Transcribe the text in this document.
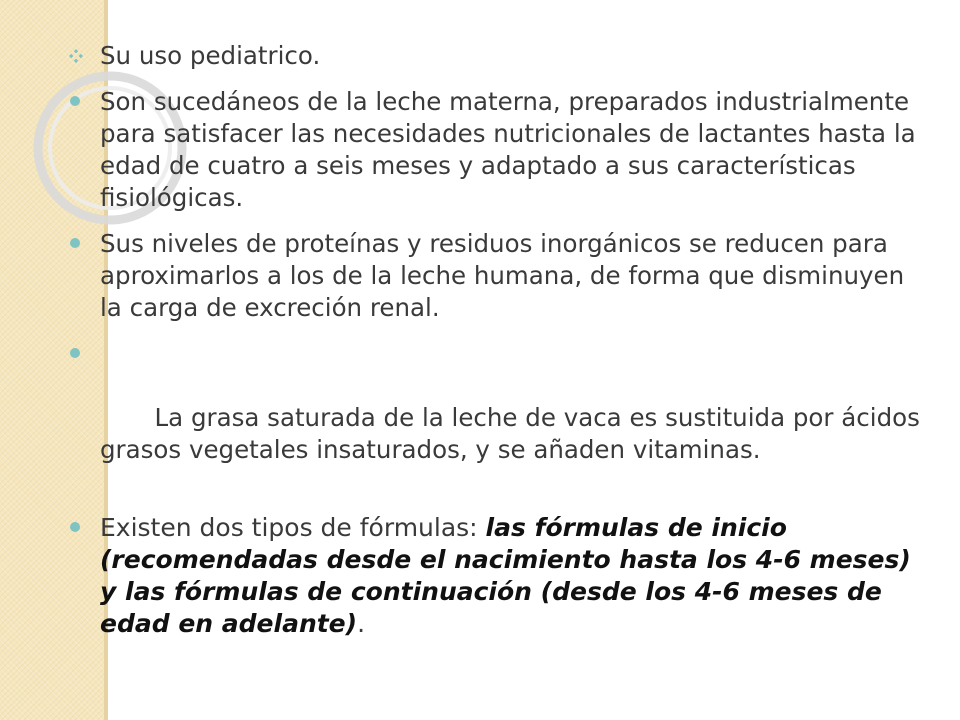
Su uso pediatrico.
Son sucedáneos de la leche materna, preparados industrialmente para satisfacer las necesidades nutricionales de lactantes hasta la edad de cuatro a seis meses y adaptado a sus características fisiológicas.
Sus niveles de proteínas y residuos inorgánicos se reducen para aproximarlos a los de la leche humana, de forma que disminuyen la carga de excreción renal.

La grasa saturada de la leche de vaca es sustituida por ácidos grasos vegetales insaturados, y se añaden vitaminas.

Existen dos tipos de fórmulas: las fórmulas de inicio (recomendadas desde el nacimiento hasta los 4-6 meses) y las fórmulas de continuación (desde los 4-6 meses de edad en adelante).
